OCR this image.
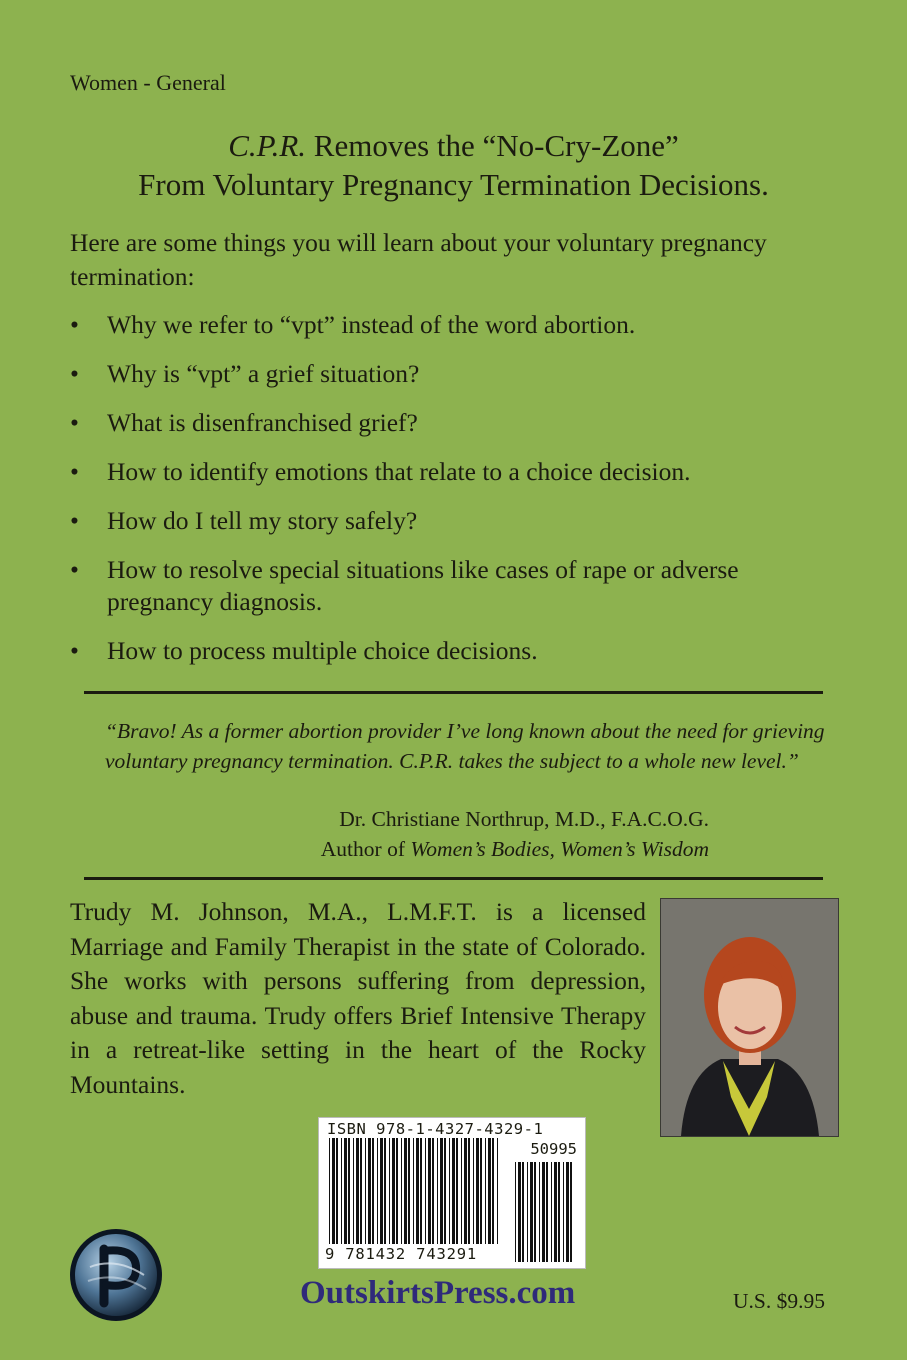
Women - General
C.P.R. Removes the “No-Cry-Zone”
From Voluntary Pregnancy Termination Decisions.
Here are some things you will learn about your voluntary pregnancy termination:
• Why we refer to “vpt” instead of the word abortion.
• Why is “vpt” a grief situation?
• What is disenfranchised grief?
• How to identify emotions that relate to a choice decision.
• How do I tell my story safely?
• How to resolve special situations like cases of rape or adverse pregnancy diagnosis.
• How to process multiple choice decisions.
“Bravo! As a former abortion provider I’ve long known about the need for grieving voluntary pregnancy termination. C.P.R. takes the subject to a whole new level.”
Dr. Christiane Northrup, M.D., F.A.C.O.G.
Author of Women’s Bodies, Women’s Wisdom
Trudy M. Johnson, M.A., L.M.F.T. is a licensed Marriage and Family Therapist in the state of Colorado. She works with persons suffering from depression, abuse and trauma. Trudy offers Brief Intensive Therapy in a retreat-like setting in the heart of the Rocky Mountains.
ISBN 978-1-4327-4329-1
50995
9 781432 743291
OutskirtsPress.com	U.S. $9.95
